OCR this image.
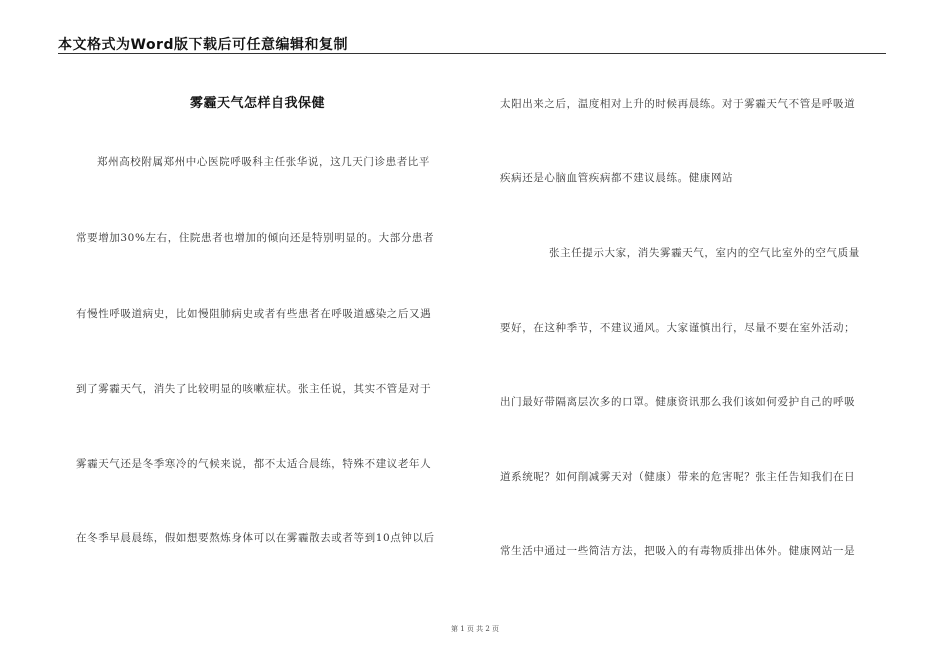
本文格式为Word版下载后可任意编辑和复制
雾霾天气怎样自我保健
郑州高校附属郑州中心医院呼吸科主任张华说，这几天门诊患者比平
常要增加30%左右，住院患者也增加的倾向还是特别明显的。大部分患者
有慢性呼吸道病史，比如慢阻肺病史或者有些患者在呼吸道感染之后又遇
到了雾霾天气，消失了比较明显的咳嗽症状。张主任说，其实不管是对于
雾霾天气还是冬季寒冷的气候来说，都不太适合晨练，特殊不建议老年人
在冬季早晨晨练，假如想要熬炼身体可以在雾霾散去或者等到10点钟以后
太阳出来之后，温度相对上升的时候再晨练。对于雾霾天气不管是呼吸道
疾病还是心脑血管疾病都不建议晨练。健康网站
张主任提示大家，消失雾霾天气，室内的空气比室外的空气质量
要好，在这种季节，不建议通风。大家谨慎出行，尽量不要在室外活动；
出门最好带隔离层次多的口罩。健康资讯那么我们该如何爱护自己的呼吸
道系统呢？如何削减雾天对（健康）带来的危害呢？张主任告知我们在日
常生活中通过一些简洁方法，把吸入的有毒物质排出体外。健康网站一是
第 1 页 共 2 页
